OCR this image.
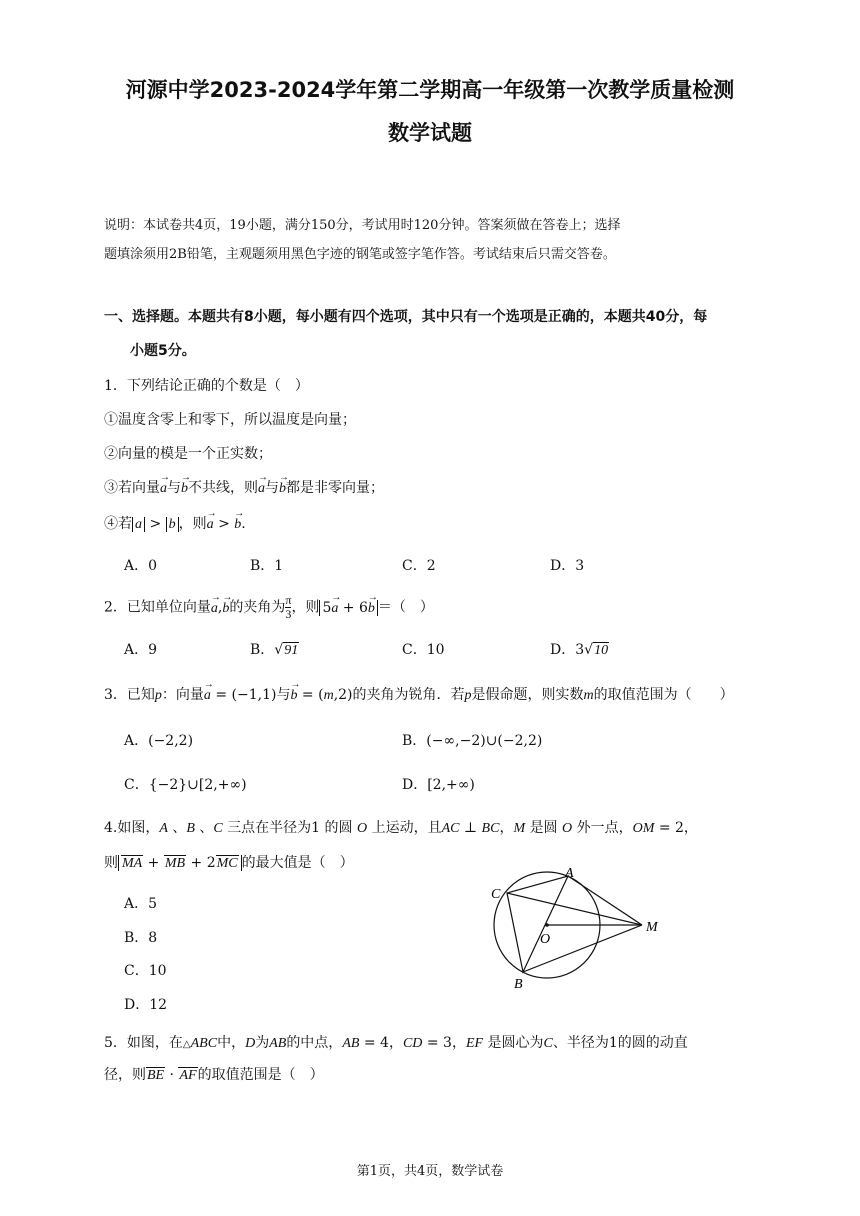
河源中学2023-2024学年第二学期高一年级第一次教学质量检测
数学试题
说明：本试卷共4页，19小题，满分150分，考试用时120分钟。答案须做在答卷上；选择
题填涂须用2B铅笔，主观题须用黑色字迹的钢笔或签字笔作答。考试结束后只需交答卷。
一、选择题。本题共有8小题，每小题有四个选项，其中只有一个选项是正确的，本题共40分，每
小题5分。
1．下列结论正确的个数是（　）
①温度含零上和零下，所以温度是向量；
②向量的模是一个正实数；
③若向量→ a与→ b不共线，则→ a与→ b都是非零向量；
④若 a > b ，则→ a > → b.
A．0	B．1	C．2	D．3
2．已知单位向量→ a,→ b的夹角为 $\frac{\pi}{3}$ ，则 5→ a + 6→ b ＝（　）
A．9	B．√91	C．10	D．3√10
3．已知p：向量→ a = (−1,1)与→ b = (m,2)的夹角为锐角．若p是假命题，则实数m的取值范围为（　　）
A．(−2,2)	B．(−∞,−2)∪(−2,2)
C．{−2}∪[2,+∞)	D．[2,+∞)
4.如图，A 、B 、C 三点在半径为1 的圆 O 上运动，且AC ⊥ BC，M 是圆 O 外一点，OM = 2，
则 MA + MB + 2MC 的最大值是（　）
A．5
B．8
C．10
D．12
A
C
O
M
B
5．如图，在△ABC中，D为AB的中点，AB = 4，CD = 3，EF 是圆心为C、半径为1的圆的动直
径，则BE · AF的取值范围是（　）
第1页，共4页，数学试卷
